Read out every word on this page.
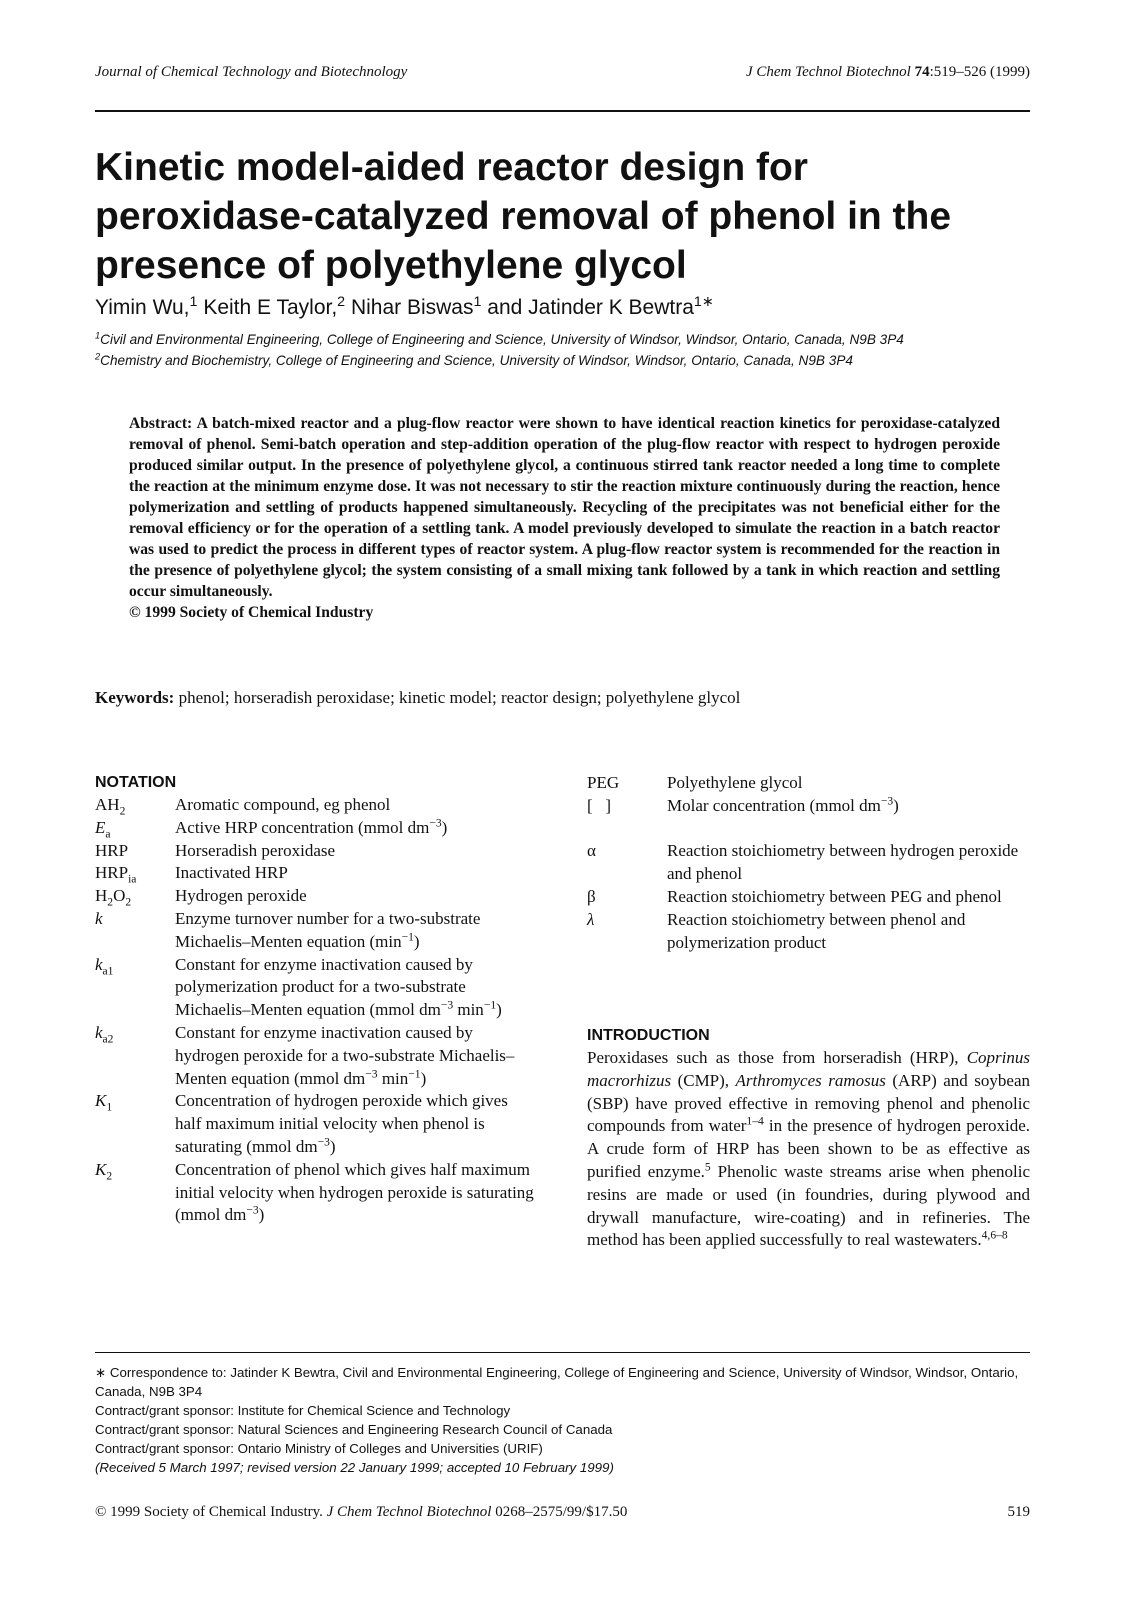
Journal of Chemical Technology and Biotechnology	J Chem Technol Biotechnol 74:519–526 (1999)
Kinetic model-aided reactor design for peroxidase-catalyzed removal of phenol in the presence of polyethylene glycol
Yimin Wu,$^1$ Keith E Taylor,$^2$ Nihar Biswas$^1$ and Jatinder K Bewtra$^{1∗}$
$^1$Civil and Environmental Engineering, College of Engineering and Science, University of Windsor, Windsor, Ontario, Canada, N9B 3P4
$^2$Chemistry and Biochemistry, College of Engineering and Science, University of Windsor, Windsor, Ontario, Canada, N9B 3P4

Abstract: A batch-mixed reactor and a plug-flow reactor were shown to have identical reaction kinetics for peroxidase-catalyzed removal of phenol. Semi-batch operation and step-addition operation of the plug-flow reactor with respect to hydrogen peroxide produced similar output. In the presence of polyethylene glycol, a continuous stirred tank reactor needed a long time to complete the reaction at the minimum enzyme dose. It was not necessary to stir the reaction mixture continuously during the reaction, hence polymerization and settling of products happened simultaneously. Recycling of the precipitates was not beneficial either for the removal efficiency or for the operation of a settling tank. A model previously developed to simulate the reaction in a batch reactor was used to predict the process in different types of reactor system. A plug-flow reactor system is recommended for the reaction in the presence of polyethylene glycol; the system consisting of a small mixing tank followed by a tank in which reaction and settling occur simultaneously.

© 1999 Society of Chemical Industry

Keywords: phenol; horseradish peroxidase; kinetic model; reactor design; polyethylene glycol
NOTATION
$AH_2$	Aromatic compound, eg phenol
$E_a$	Active HRP concentration (mmol $dm^{-3}$)
HRP	Horseradish peroxidase
$HRP_{ia}$ Inactivated HRP
$H_2O_2$	Hydrogen peroxide
k	Enzyme turnover number for a two-substrate Michaelis–Menten equation $(\min^{-1})$
$k_{a1}$	Constant for enzyme inactivation caused by polymerization product for a two-substrate Michaelis–Menten equation (mmol $dm^{-3}$ $\min^{-1}$)
$k_{a2}$	Constant for enzyme inactivation caused by hydrogen peroxide for a two-substrate Michaelis–Menten equation (mmol $dm^{-3}$ $\min^{-1}$)
$K_1$	Concentration of hydrogen peroxide which gives half maximum initial velocity when phenol is saturating (mmol $dm^{-3}$)
$K_2$	Concentration of phenol which gives half maximum initial velocity when hydrogen peroxide is saturating (mmol $dm^{-3}$)
PEG	Polyethylene glycol
[   ]	Molar concentration (mmol $dm^{-3}$)
α	Reaction stoichiometry between hydrogen peroxide and phenol
β	Reaction stoichiometry between PEG and phenol
λ	Reaction stoichiometry between phenol and polymerization product
INTRODUCTION

Peroxidases such as those from horseradish (HRP), Coprinus macrorhizus (CMP), Arthromyces ramosus (ARP) and soybean (SBP) have proved effective in removing phenol and phenolic compounds from water$^{1-4}$ in the presence of hydrogen peroxide. A crude form of HRP has been shown to be as effective as purified enzyme.$^5$ Phenolic waste streams arise when phenolic resins are made or used (in foundries, during plywood and drywall manufacture, wire-coating) and in refineries. The method has been applied successfully to real wastewaters.$^{4,6-8}$

∗ Correspondence to: Jatinder K Bewtra, Civil and Environmental Engineering, College of Engineering and Science, University of Windsor, Windsor, Ontario, Canada, N9B 3P4
Contract/grant sponsor: Institute for Chemical Science and Technology
Contract/grant sponsor: Natural Sciences and Engineering Research Council of Canada
Contract/grant sponsor: Ontario Ministry of Colleges and Universities (URIF)
(Received 5 March 1997; revised version 22 January 1999; accepted 10 February 1999)
© 1999 Society of Chemical Industry. J Chem Technol Biotechnol 0268–2575/99/$17.50	519
